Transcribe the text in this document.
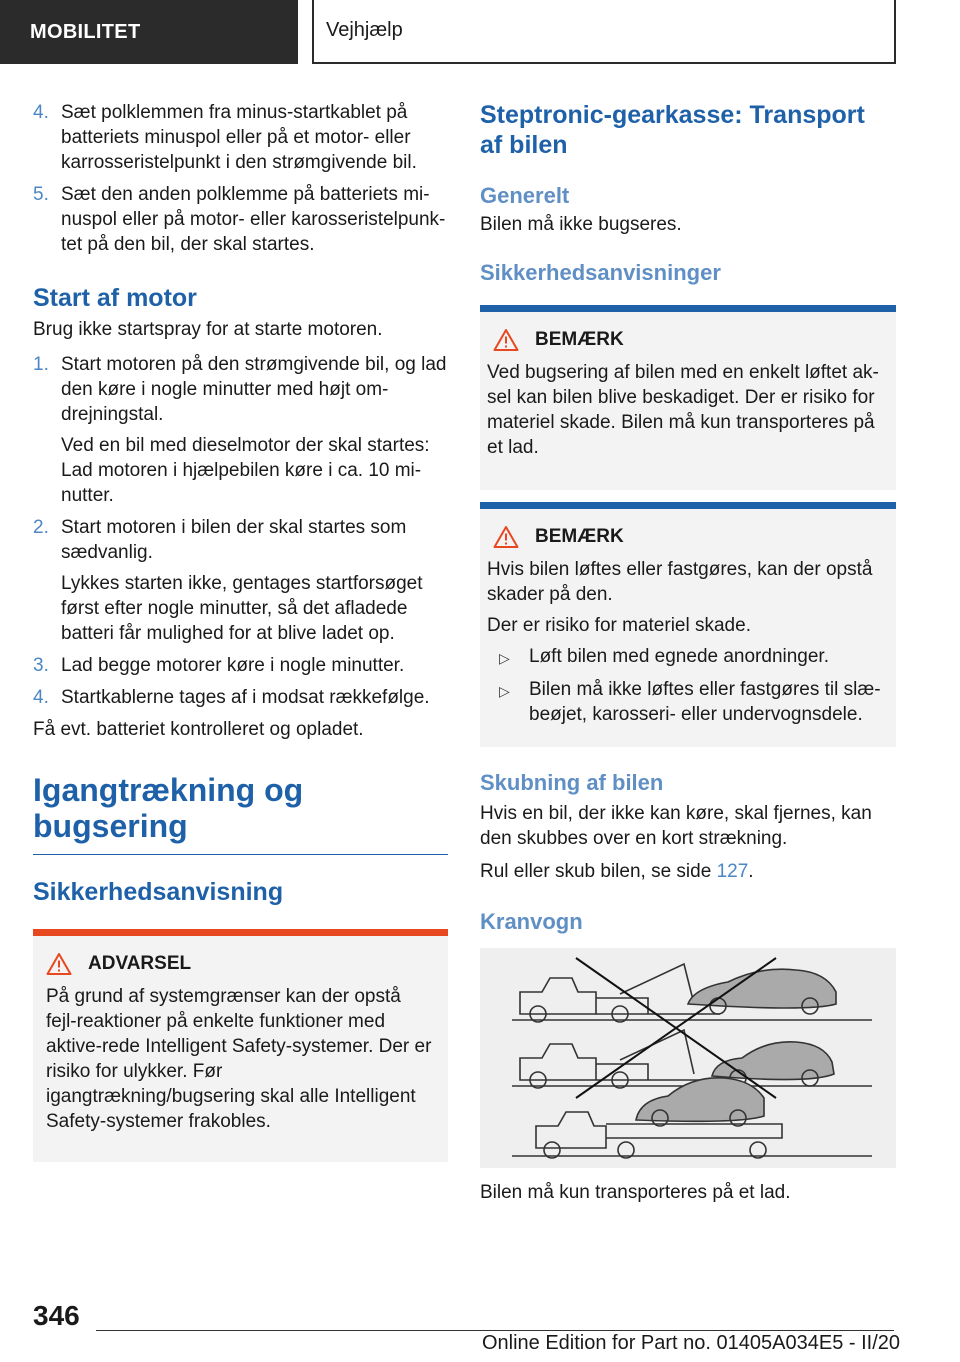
MOBILITET	Vejhjælp
4. Sæt polklemmen fra minus-startkablet på batteriets minuspol eller på et motor- eller karrosseristelpunkt i den strømgivende bil.
5. Sæt den anden polklemme på batteriets mi‐nuspol eller på motor- eller karosseristelpunk‐tet på den bil, der skal startes.
Start af motor
Brug ikke startspray for at starte motoren.
1. Start motoren på den strømgivende bil, og lad den køre i nogle minutter med højt om‐drejningstal.
Ved en bil med dieselmotor der skal startes: Lad motoren i hjælpebilen køre i ca. 10 mi‐nutter.
2. Start motoren i bilen der skal startes som sædvanlig.
Lykkes starten ikke, gentages startforsøget først efter nogle minutter, så det afladede batteri får mulighed for at blive ladet op.
3. Lad begge motorer køre i nogle minutter.
4. Startkablerne tages af i modsat rækkefølge.
Få evt. batteriet kontrolleret og opladet.
Igangtrækning og
bugsering
Sikkerhedsanvisning
ADVARSEL
På grund af systemgrænser kan der opstå fejl‐reaktioner på enkelte funktioner med aktive‐rede Intelligent Safety-systemer. Der er risiko for ulykker. Før igangtrækning/bugsering skal alle Intelligent Safety-systemer frakobles.
Steptronic-gearkasse: Transport
af bilen
Generelt
Bilen må ikke bugseres.
Sikkerhedsanvisninger
BEMÆRK
Ved bugsering af bilen med en enkelt løftet ak‐sel kan bilen blive beskadiget. Der er risiko for materiel skade. Bilen må kun transporteres på et lad.
BEMÆRK
Hvis bilen løftes eller fastgøres, kan der opstå skader på den.
Der er risiko for materiel skade.
▷ Løft bilen med egnede anordninger.
▷ Bilen må ikke løftes eller fastgøres til slæ‐beøjet, karosseri- eller undervognsdele.
Skubning af bilen
Hvis en bil, der ikke kan køre, skal fjernes, kan den skubbes over en kort strækning.
Rul eller skub bilen, se side 127.
Kranvogn
Bilen må kun transporteres på et lad.
346
Online Edition for Part no. 01405A034E5 - II/20
